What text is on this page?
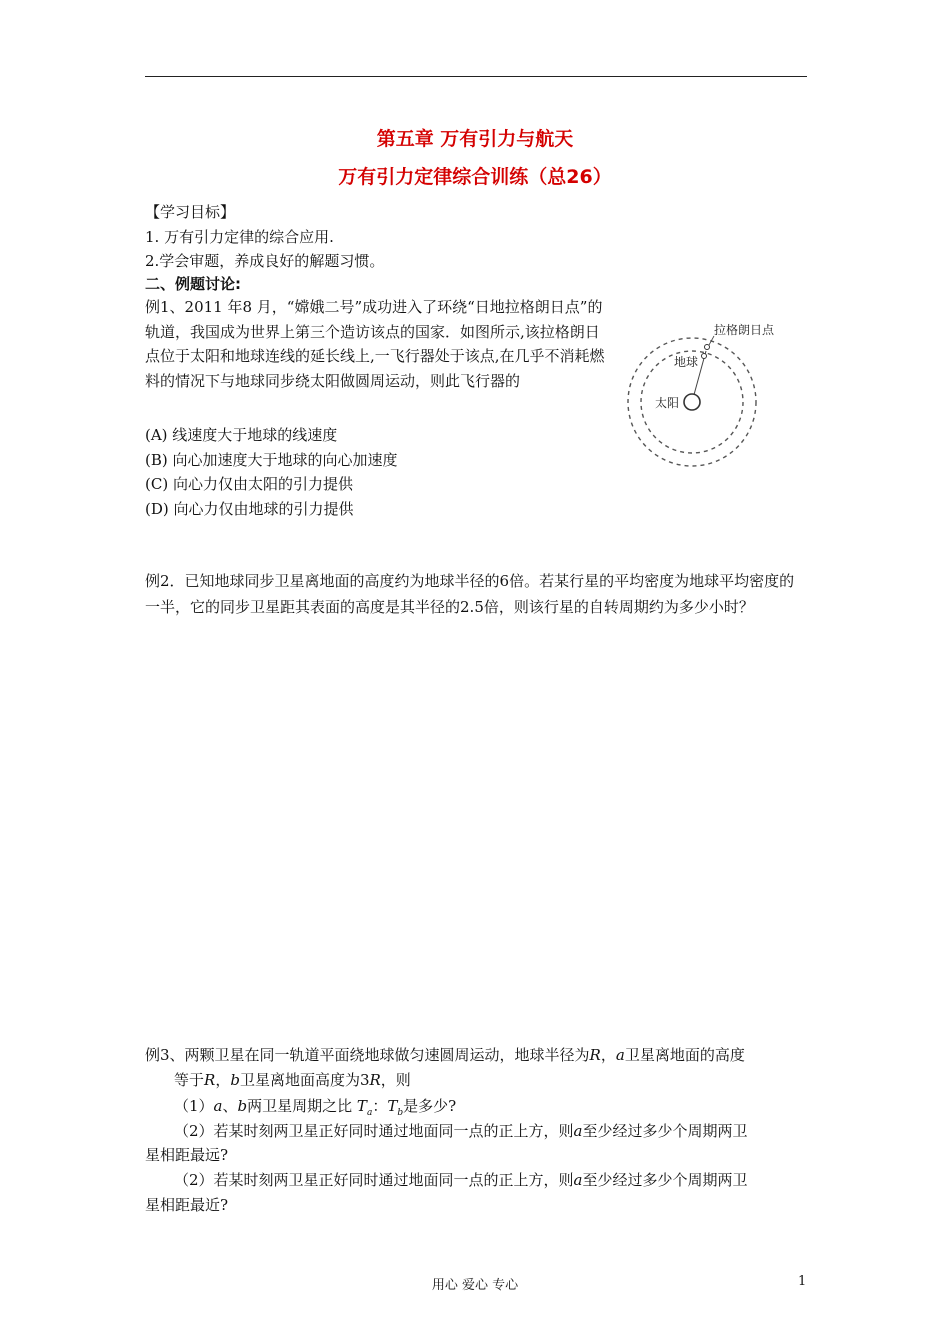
第五章 万有引力与航天
万有引力定律综合训练（总26）
【学习目标】
1. 万有引力定律的综合应用.
2.学会审题，养成良好的解题习惯。
二、例题讨论:
例1、2011 年8 月，“嫦娥二号”成功进入了环绕“日地拉格朗日点”的轨道，我国成为世界上第三个造访该点的国家．如图所示,该拉格朗日点位于太阳和地球连线的延长线上,一飞行器处于该点,在几乎不消耗燃料的情况下与地球同步绕太阳做圆周运动，则此飞行器的
(A) 线速度大于地球的线速度
(B) 向心加速度大于地球的向心加速度
(C) 向心力仅由太阳的引力提供
(D) 向心力仅由地球的引力提供
拉格朗日点
地球
太阳
例2．已知地球同步卫星离地面的高度约为地球半径的6倍。若某行星的平均密度为地球平均密度的一半，它的同步卫星距其表面的高度是其半径的2.5倍，则该行星的自转周期约为多少小时？
例3、两颗卫星在同一轨道平面绕地球做匀速圆周运动，地球半径为R，a卫星离地面的高度
等于R，b卫星离地面高度为3R，则
（1）a、b两卫星周期之比 $T_a$：$T_b$是多少?
（2）若某时刻两卫星正好同时通过地面同一点的正上方，则a至少经过多少个周期两卫
星相距最远?
（2）若某时刻两卫星正好同时通过地面同一点的正上方，则a至少经过多少个周期两卫
星相距最近?
用心 爱心 专心	1
